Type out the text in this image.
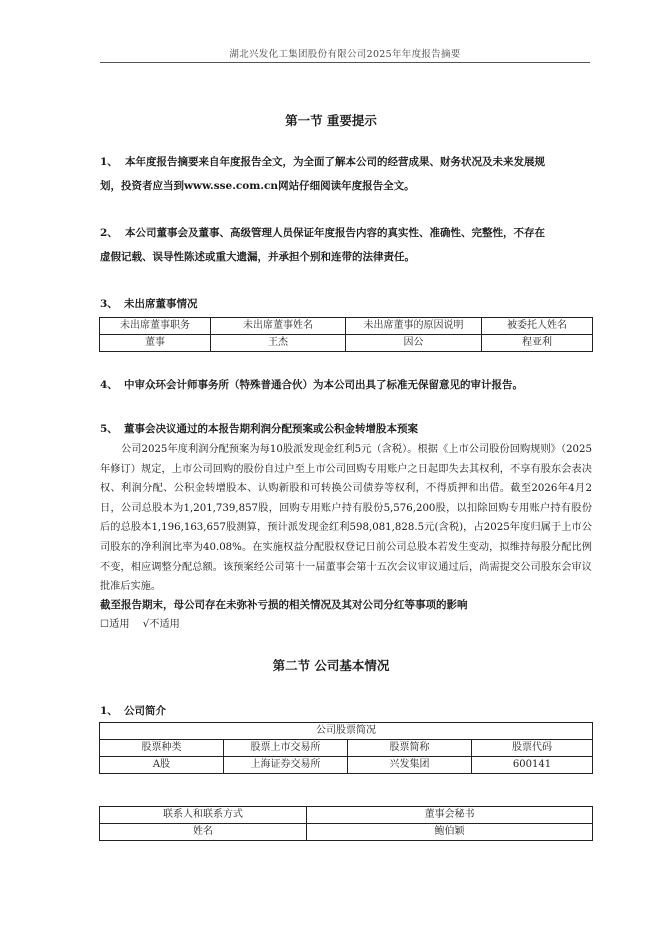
湖北兴发化工集团股份有限公司2025年年度报告摘要
第一节 重要提示
1、 本年度报告摘要来自年度报告全文，为全面了解本公司的经营成果、财务状况及未来发展规
划，投资者应当到www.sse.com.cn网站仔细阅读年度报告全文。
2、 本公司董事会及董事、高级管理人员保证年度报告内容的真实性、准确性、完整性，不存在
虚假记载、误导性陈述或重大遗漏，并承担个别和连带的法律责任。
3、 未出席董事情况
未出席董事职务	未出席董事姓名	未出席董事的原因说明	被委托人姓名
董事	王杰	因公	程亚利
4、 中审众环会计师事务所（特殊普通合伙）为本公司出具了标准无保留意见的审计报告。
5、 董事会决议通过的本报告期利润分配预案或公积金转增股本预案
公司2025年度利润分配预案为每10股派发现金红利5元（含税）。根据《上市公司股份回购规则》（2025年修订）规定，上市公司回购的股份自过户至上市公司回购专用账户之日起即失去其权利，不享有股东会表决权、利润分配、公积金转增股本、认购新股和可转换公司债券等权利，不得质押和出借。截至2026年4月2日，公司总股本为1,201,739,857股，回购专用账户持有股份5,576,200股，以扣除回购专用账户持有股份后的总股本1,196,163,657股测算，预计派发现金红利598,081,828.5元(含税)，占2025年度归属于上市公司股东的净利润比率为40.08%。在实施权益分配股权登记日前公司总股本若发生变动，拟维持每股分配比例不变，相应调整分配总额。该预案经公司第十一届董事会第十五次会议审议通过后，尚需提交公司股东会审议批准后实施。
截至报告期末，母公司存在未弥补亏损的相关情况及其对公司分红等事项的影响
☐适用 √不适用
第二节 公司基本情况
1、 公司简介
公司股票简况			
股票种类	股票上市交易所	股票简称	股票代码
A股	上海证券交易所	兴发集团	600141
联系人和联系方式	董事会秘书
姓名	鲍伯颖
